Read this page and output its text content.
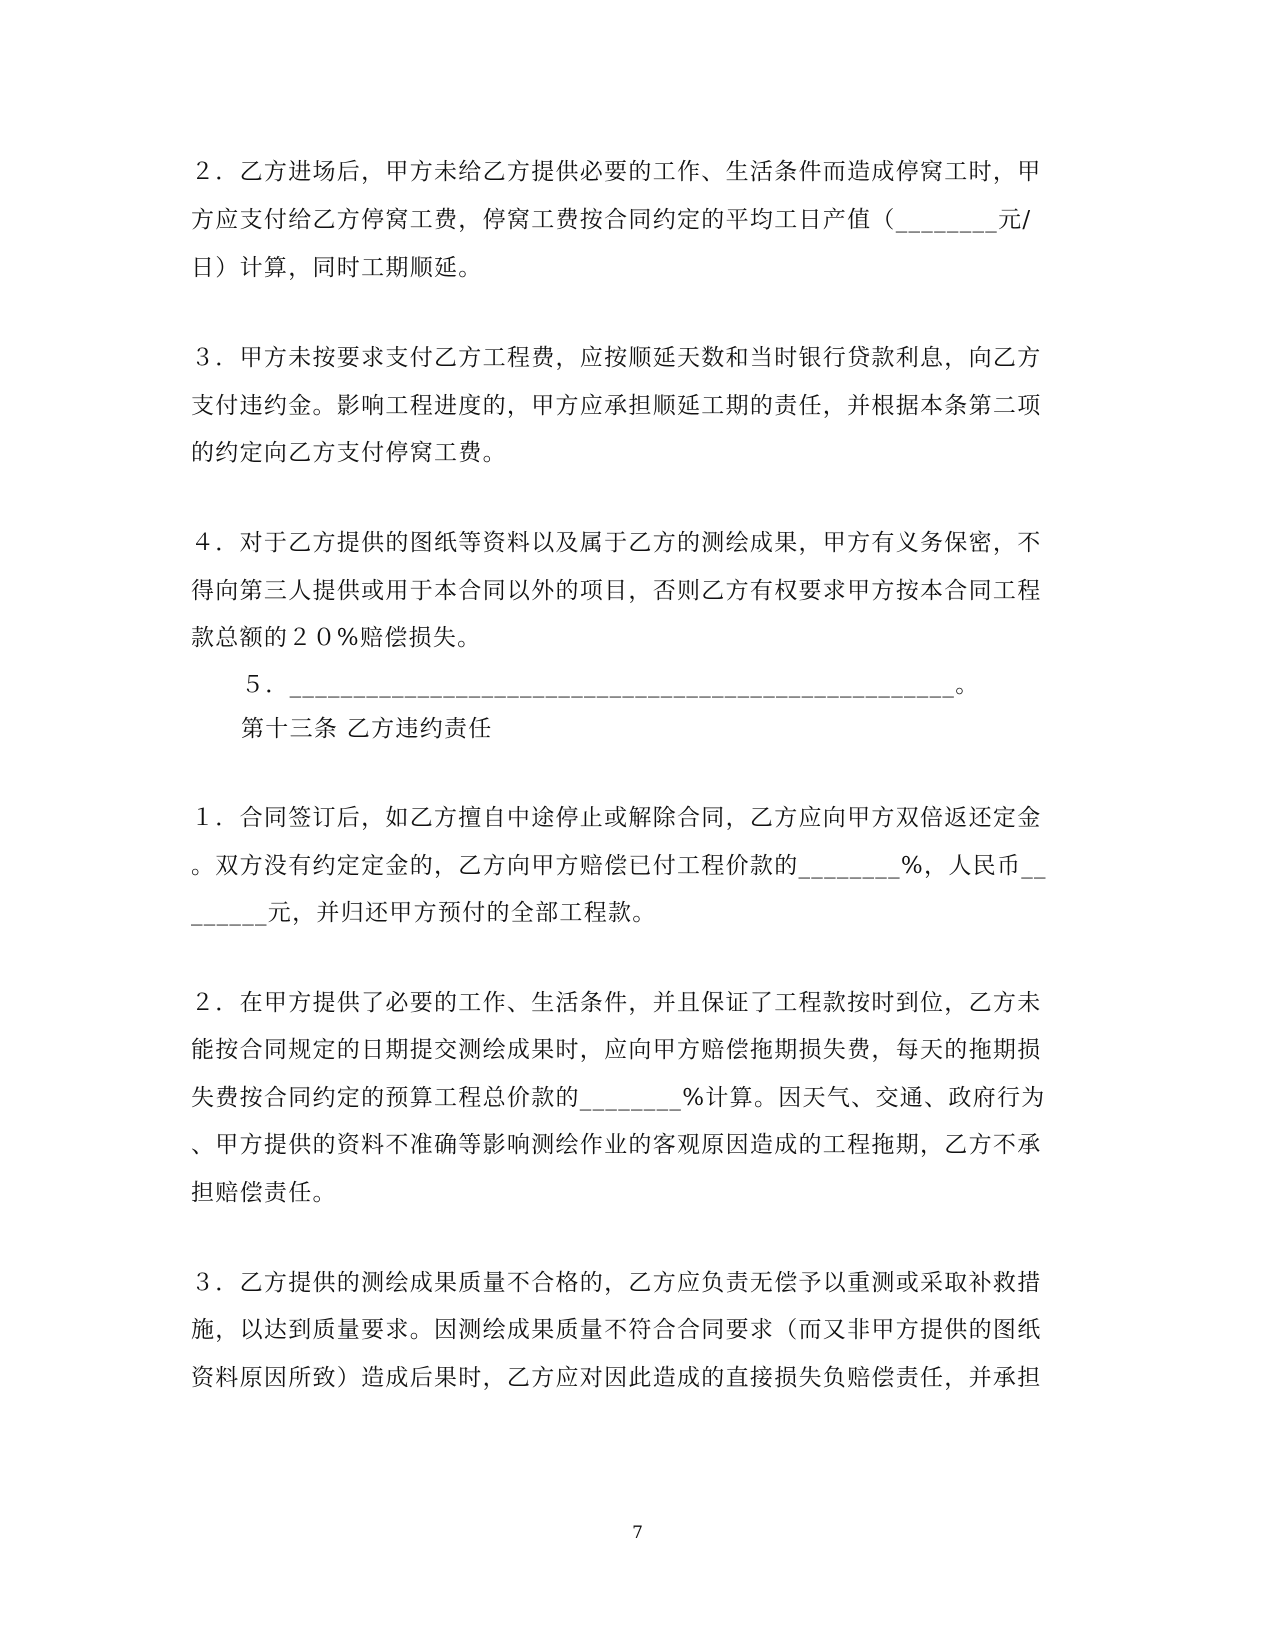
２．乙方进场后，甲方未给乙方提供必要的工作、生活条件而造成停窝工时，甲
方应支付给乙方停窝工费，停窝工费按合同约定的平均工日产值（________元/
日）计算，同时工期顺延。
３．甲方未按要求支付乙方工程费，应按顺延天数和当时银行贷款利息，向乙方
支付违约金。影响工程进度的，甲方应承担顺延工期的责任，并根据本条第二项
的约定向乙方支付停窝工费。
４．对于乙方提供的图纸等资料以及属于乙方的测绘成果，甲方有义务保密，不
得向第三人提供或用于本合同以外的项目，否则乙方有权要求甲方按本合同工程
款总额的２０%赔偿损失。
５．____________________________________________________。
第十三条 乙方违约责任
１．合同签订后，如乙方擅自中途停止或解除合同，乙方应向甲方双倍返还定金
。双方没有约定定金的，乙方向甲方赔偿已付工程价款的________%，人民币__
______元，并归还甲方预付的全部工程款。
２．在甲方提供了必要的工作、生活条件，并且保证了工程款按时到位，乙方未
能按合同规定的日期提交测绘成果时，应向甲方赔偿拖期损失费，每天的拖期损
失费按合同约定的预算工程总价款的________%计算。因天气、交通、政府行为
、甲方提供的资料不准确等影响测绘作业的客观原因造成的工程拖期，乙方不承
担赔偿责任。
３．乙方提供的测绘成果质量不合格的，乙方应负责无偿予以重测或采取补救措
施，以达到质量要求。因测绘成果质量不符合合同要求（而又非甲方提供的图纸
资料原因所致）造成后果时，乙方应对因此造成的直接损失负赔偿责任，并承担
7
